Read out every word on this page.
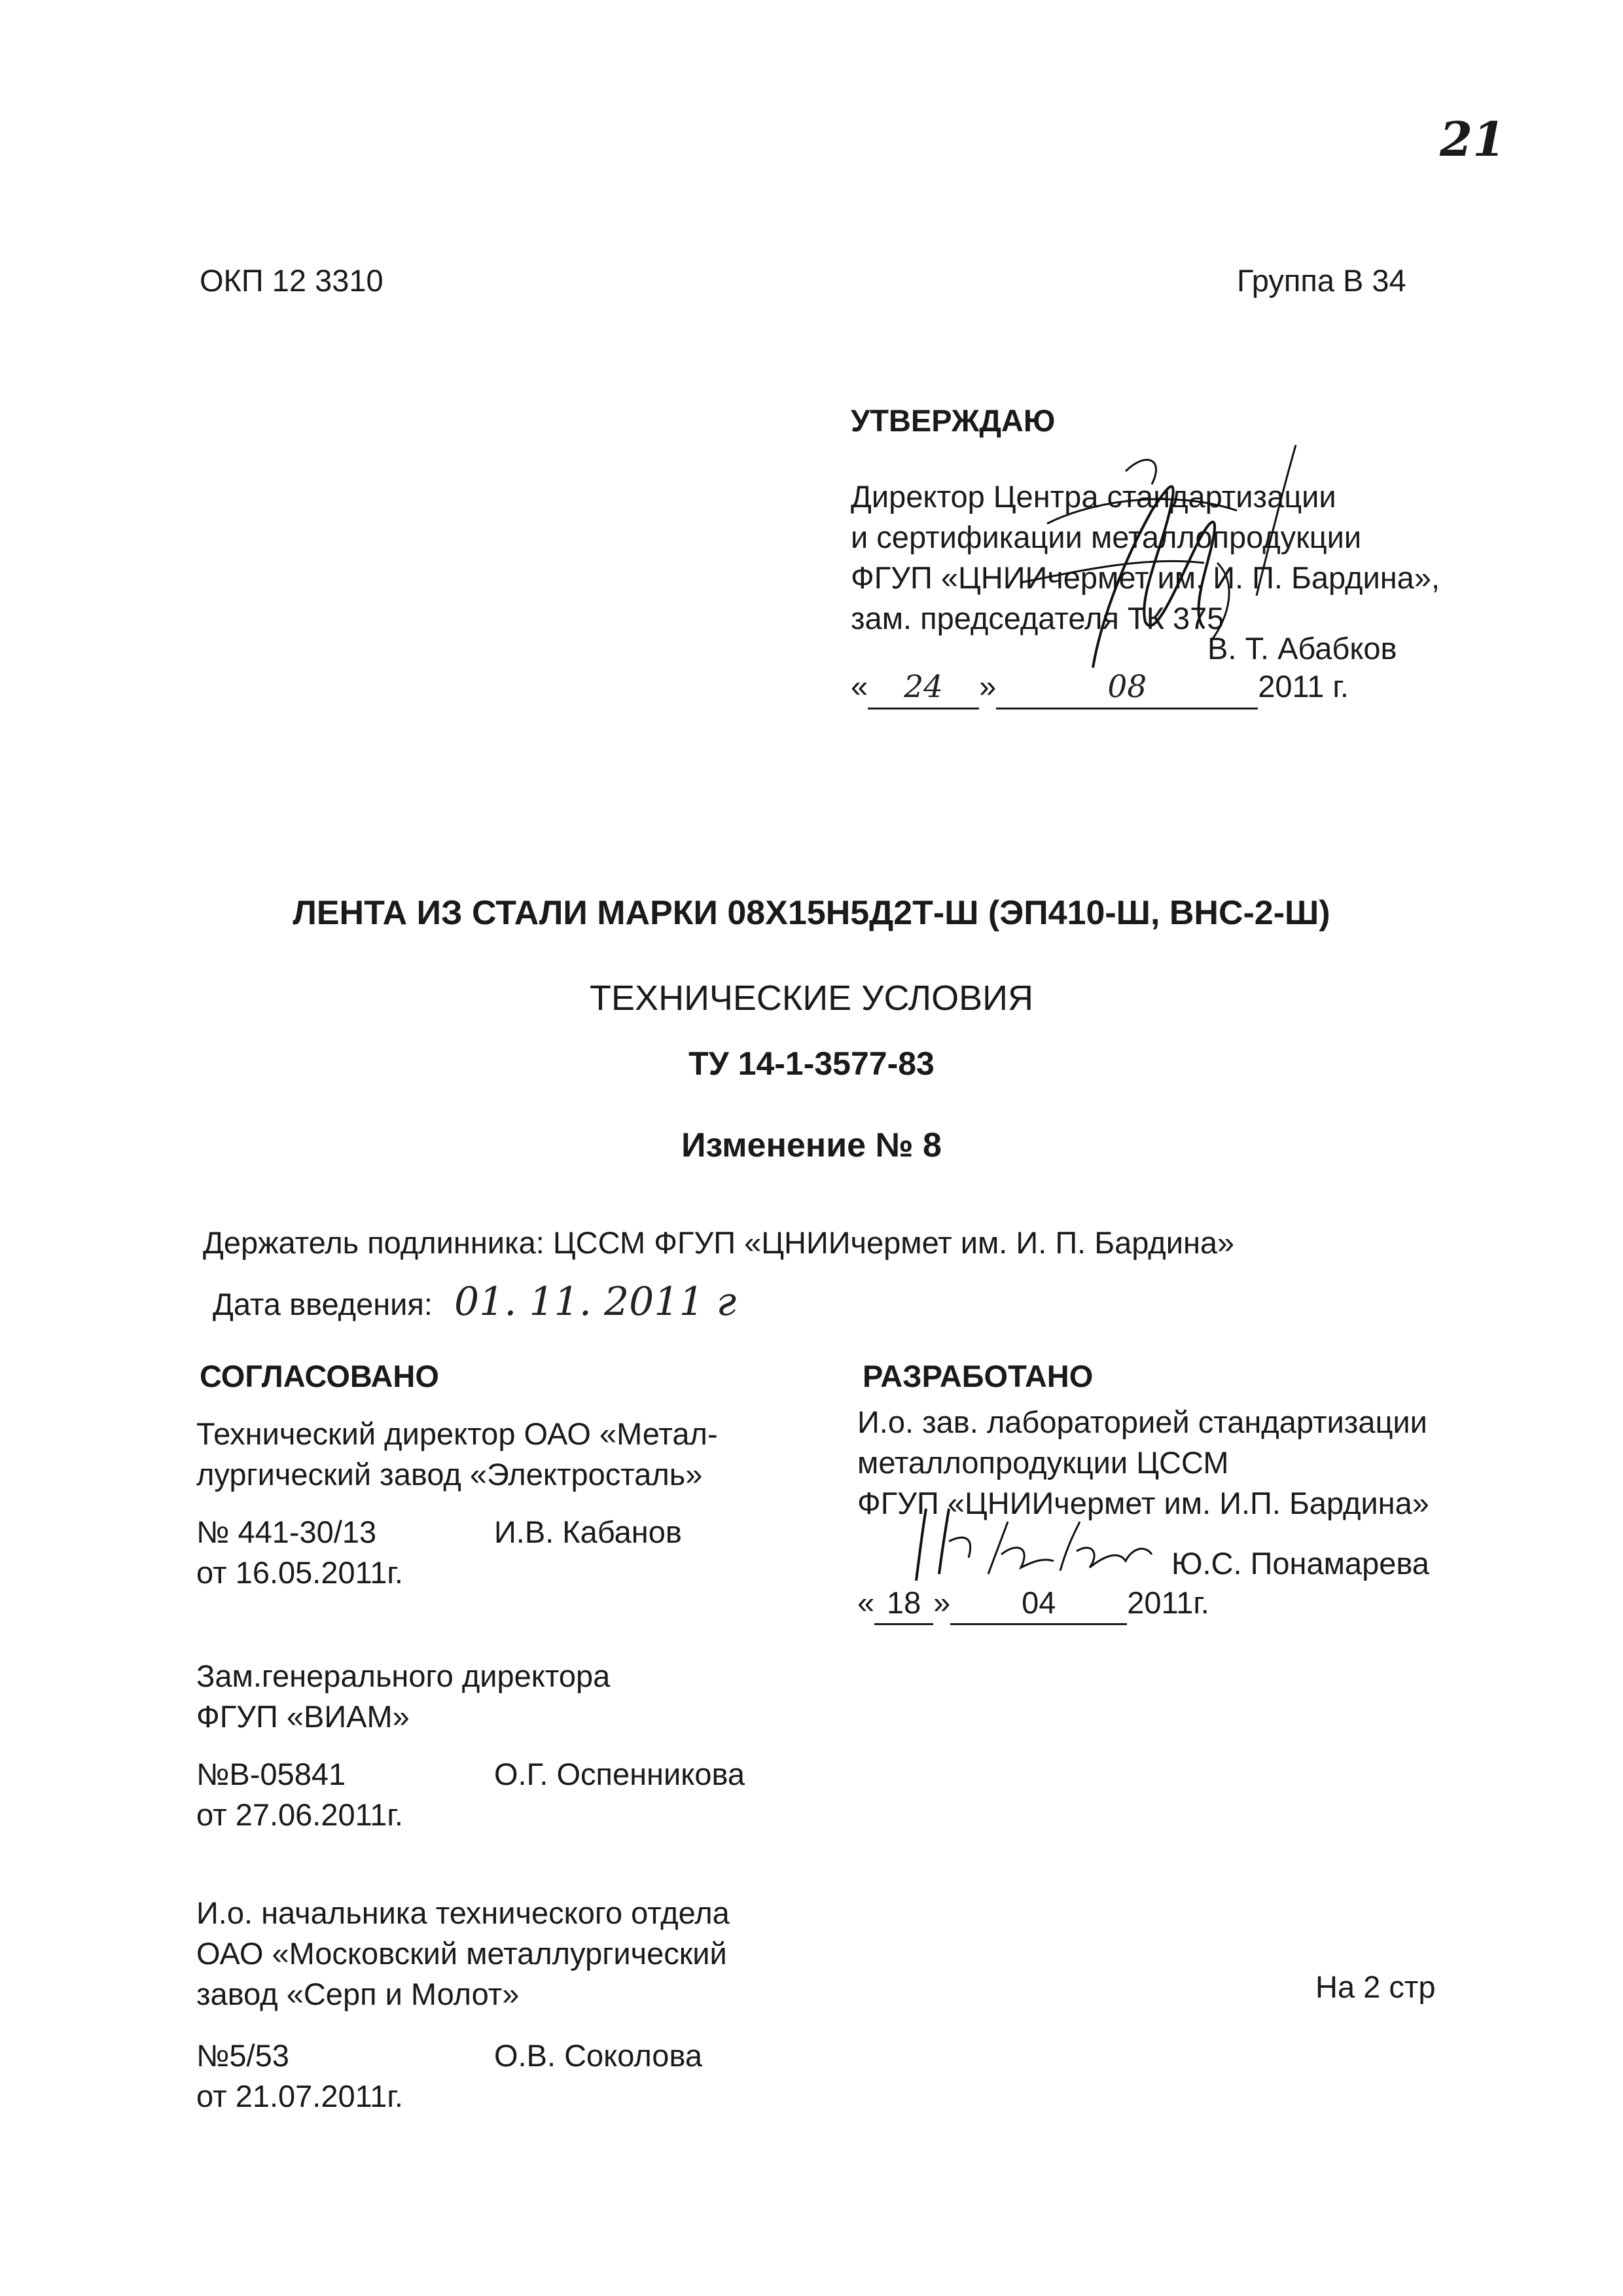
21
ОКП 12 3310	Группа В 34
УТВЕРЖДАЮ
Директор Центра стандартизации
и сертификации металлопродукции
ФГУП «ЦНИИчермет им. И. П. Бардина»,
зам. председателя ТК 375
В. Т. Абабков
« 24 »	08	2011 г.
ЛЕНТА ИЗ СТАЛИ МАРКИ 08Х15Н5Д2Т-Ш (ЭП410-Ш, ВНС-2-Ш)
ТЕХНИЧЕСКИЕ УСЛОВИЯ
ТУ 14-1-3577-83
Изменение № 8
Держатель подлинника: ЦССМ ФГУП «ЦНИИчермет им. И. П. Бардина»
Дата введения: 01. 11. 2011 г
СОГЛАСОВАНО
Технический директор ОАО «Метал-
лургический завод «Электросталь»
№ 441-30/13
от 16.05.2011г.
И.В. Кабанов
Зам.генерального директора
ФГУП «ВИАМ»
№В-05841
от 27.06.2011г.
О.Г. Оспенникова
И.о. начальника технического отдела
ОАО «Московский металлургический
завод «Серп и Молот»
№5/53
от 21.07.2011г.
О.В. Соколова
РАЗРАБОТАНО
И.о. зав. лабораторией стандартизации
металлопродукции ЦССМ
ФГУП «ЦНИИчермет им. И.П. Бардина»
Ю.С. Понамарева
« 18 » 04 2011г.
На 2 стр
